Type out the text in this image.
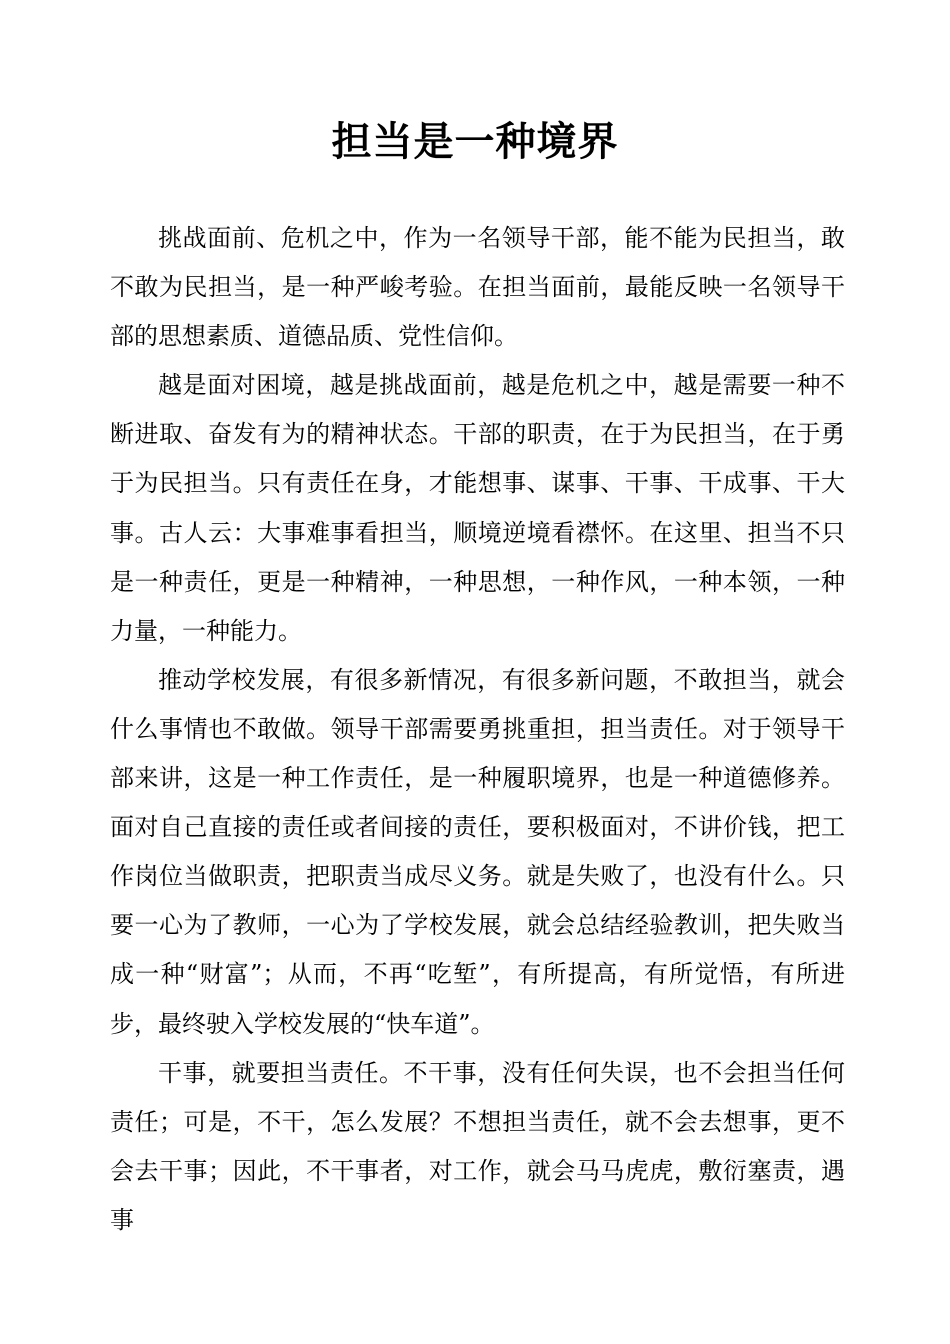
担当是一种境界

挑战面前、危机之中，作为一名领导干部，能不能为民担当，敢不敢为民担当，是一种严峻考验。在担当面前，最能反映一名领导干部的思想素质、道德品质、党性信仰。

越是面对困境，越是挑战面前，越是危机之中，越是需要一种不断进取、奋发有为的精神状态。干部的职责，在于为民担当，在于勇于为民担当。只有责任在身，才能想事、谋事、干事、干成事、干大事。古人云：大事难事看担当，顺境逆境看襟怀。在这里、担当不只是一种责任，更是一种精神，一种思想，一种作风，一种本领，一种力量，一种能力。

推动学校发展，有很多新情况，有很多新问题，不敢担当，就会什么事情也不敢做。领导干部需要勇挑重担，担当责任。对于领导干部来讲，这是一种工作责任，是一种履职境界，也是一种道德修养。面对自己直接的责任或者间接的责任，要积极面对，不讲价钱，把工作岗位当做职责，把职责当成尽义务。就是失败了，也没有什么。只要一心为了教师，一心为了学校发展，就会总结经验教训，把失败当成一种“财富”；从而，不再“吃堑”，有所提高，有所觉悟，有所进步，最终驶入学校发展的“快车道”。

干事，就要担当责任。不干事，没有任何失误，也不会担当任何责任；可是，不干，怎么发展？不想担当责任，就不会去想事，更不会去干事；因此，不干事者，对工作，就会马马虎虎，敷衍塞责，遇事
